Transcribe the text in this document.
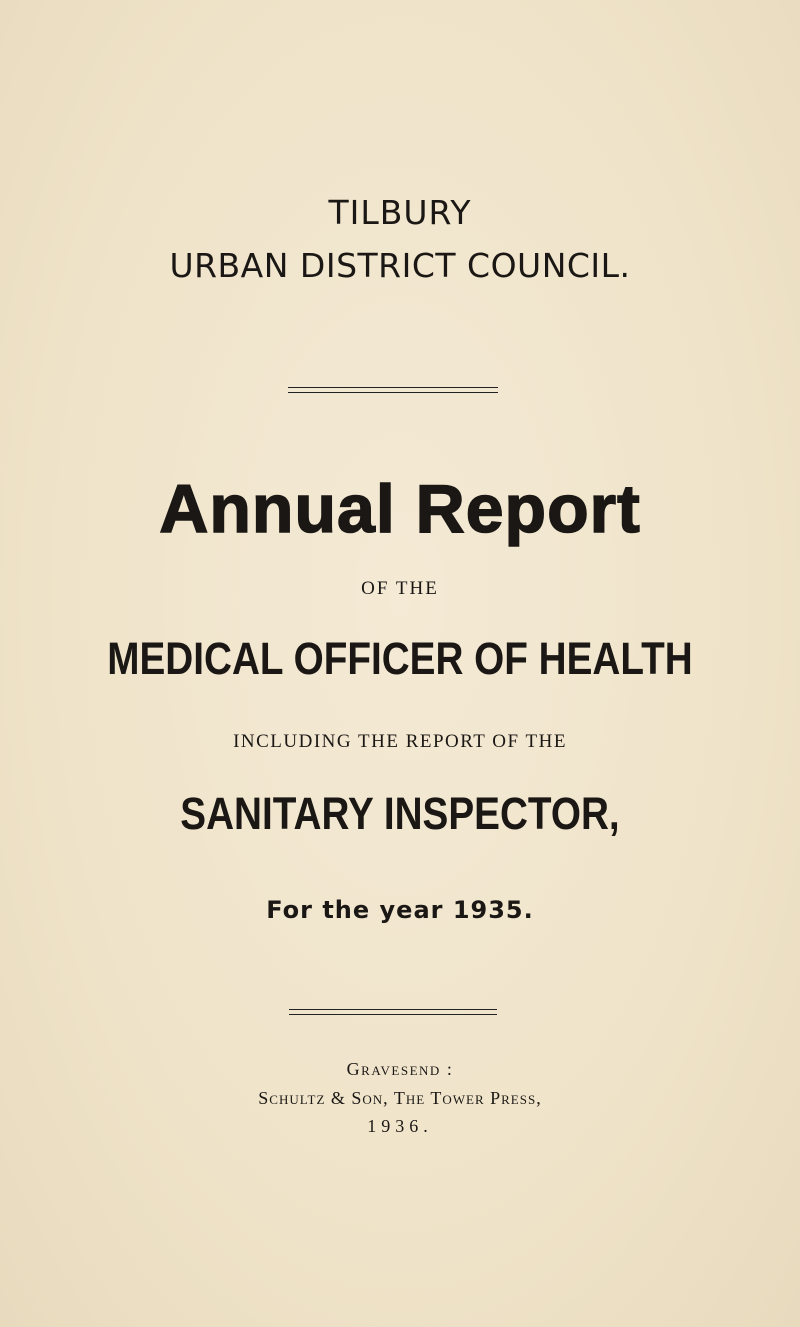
TILBURY
URBAN DISTRICT COUNCIL.
Annual Report
OF THE
MEDICAL OFFICER OF HEALTH
INCLUDING THE REPORT OF THE
SANITARY INSPECTOR,
For the year 1935.
Gravesend :
Schultz & Son, The Tower Press,
1936.
